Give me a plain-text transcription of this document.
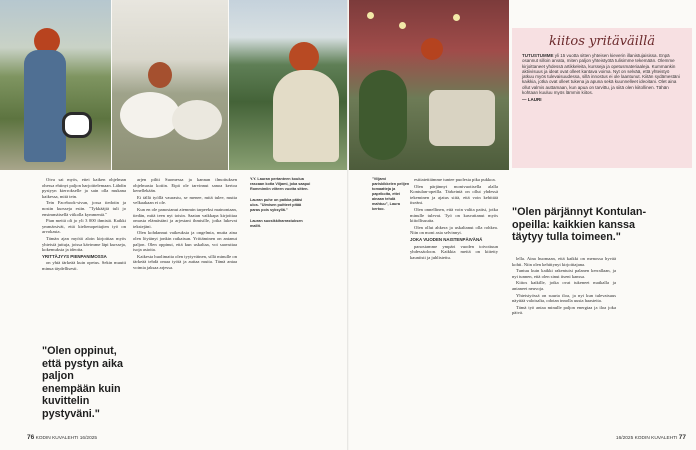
kiitos yritäväillä
TUTUSTUMME yli 15 vuotta sitten yhteisen kieverin illanistujaisissa. Enpä osannut silloin arvata, miten paljon yhteistyötä tulisimme tekemään. Olemme kirjoittaneet yhdessä artikkeleita, kursseja ja opetusmateriaaleja. Kummankin aktiivisuus ja ideat ovat olleet kantava voima. Nyt on selvää, että yhteistyö jatkuu myös tulevaisuudessa, sillä innostus ei ole laantunut. Kiitän sydämestäni kaikkia, jotka ovat olleet tukena ja apuna sekä kuunnelleet ideoitani. Olet aina ollut valmis auttamaan, kun apua on tarvittu, ja siitä olen kiitollinen. Tähän kohtaan kuuluu myös lämmin kiitos.
— LAURI

Oiva sai myös, ettei kaiken ohjelman ohessa ehtinyt paljon harjoittelemaan. Lähdin pystyyn kierrokselle ja sain olla mukana kaikessa, mitä tein.

Tein Facebook-sivun, jossa tiedotin ja nostin kursseja esiin. "Tykkääjiä tuli jo ensimmäisellä viikolla kymmeniä."

Pian meitä oli jo yli 3 000 ihmistä. Kaikki ymmärsivät, että kieltenopettajien työ on arvokasta.

Tämän ajan myötä aloin kirjoittaa myös yhteisiä juttuja, joissa kävimme läpi kursseja, kokemuksia ja ideoita.

YRITTÄJYYS PIENPANIMOSSA

on yhtä tärkeää kuin opetus. Sekin muutti minua täydellisesti.

"Olen oppinut, että pystyn aika paljon enempään kuin kuvittelin pystyväni."

arjen piltti Suomessa ja kannan ilmoituksen ohjelmasta kotiin. Eipä ole tarvinnut sanoa kertoa kenellekään.

Ei tällä työllä vaurastu, se menee, mitä tulee, mutta velkaakaan ei ole.

Kun en ole panostanut aiemmin tarpeeksi mainontaan, tiedän, mitä teen nyt toisin. Saatan vaikkapa kirjoittaa omasta elämästäni ja arjestani ihmisille, jotka lukevat tekstejäni.

Olen kohdannut vaikeuksia ja ongelmia, mutta aina olen löytänyt jonkin ratkaisun. Yrittäminen on antanut paljon. Olen oppinut, että kun uskaltaa, voi saavuttaa isoja asioita.

Kaikesta huolimatta olen tyytyväinen, sillä minulle on tärkeää tehdä omaa työtä ja auttaa muita. Tämä antaa voimia jaksaa arjessa.

Y.Y. Lauran pertanteen koulua rascaan kotia Viljami, joka saapui Rommimiin viiteen vuotta sitten.
Lauran puhe on paikka pääsi ulos. "Uimisen puitteet pitää paras pois syksyllä."
Lauran suosikkiharrastuksen mallit.
"Viljami pariskikkelen pelijen tomaatteja ja paprikoita, ettei ainaan tehdä mahtuu", Laura kertoo.

esitiatettiämme tuntee puolesta pika pukkoa.

Olen pärjännyt monivuotisella alalla Kontulan-opeilla. Tärkeintä on ollut yhdessä tekeminen ja ajatus siitä, että voin kehittää itseäni.

Olen onnellinen, että voin valita paitsi, jotka minulle tulevat. Työ on kasvattanut myös kiitollisuutta.

Olen ollut ahkera ja uskaltanut olla rohkea. Niin on moni asia selvinnyt.

JOKA VUODEN NAISTENPÄIVÄNÄ

panostamme ympäri vuoden toivottuun yhdessäoloon. Kaikkia meitä on kiitetty kauniisti ja juhlistettu.

"Olen pärjännyt Kontulan-opeilla: kaikkien kanssa täytyy tulla toimeen."

lella. Aina huomaan, että kaikki on menossa hyvää kohti. Niin olen kehittynyt kirjoittajana.

Tuntuu kuin kaikki rakentuisi palanen kerrallaan, ja nyt tunnen, että olen sinut itseni kanssa.

Kiitos kaikille, jotka ovat tukeneet matkalla ja antaneet neuvoja.

Yhteistyössä on suurta iloa, ja nyt kun tulevaisuus näyttää valoisalta, odotan innolla uusia haasteita.

Tämä työ antaa minulle paljon energiaa ja iloa joka päivä.

76 KODIN KUVALEHTI 16/2025	16/2025 KODIN KUVALEHTI 77
